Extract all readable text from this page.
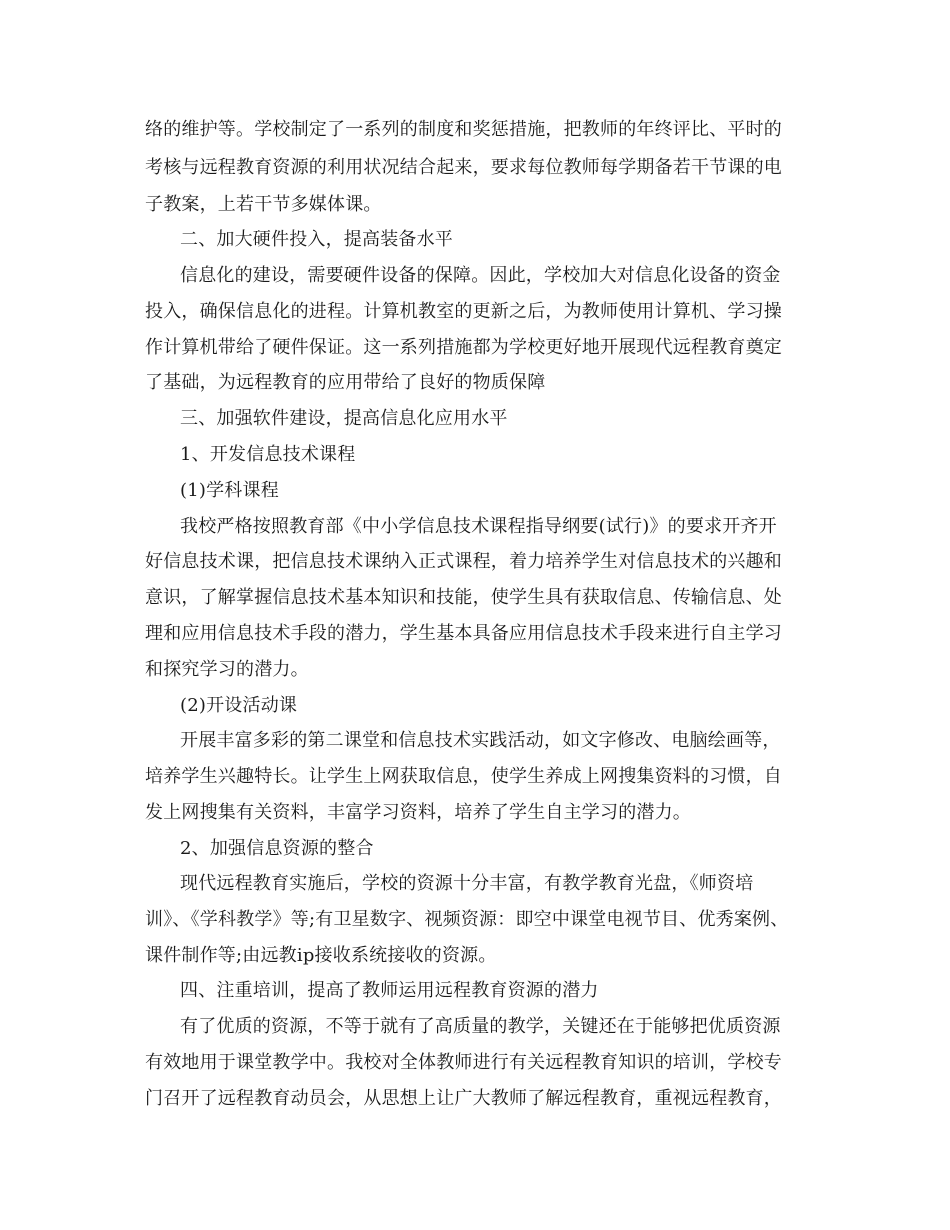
络的维护等。学校制定了一系列的制度和奖惩措施，把教师的年终评比、平时的
考核与远程教育资源的利用状况结合起来，要求每位教师每学期备若干节课的电
子教案，上若干节多媒体课。
二、加大硬件投入，提高装备水平
信息化的建设，需要硬件设备的保障。因此，学校加大对信息化设备的资金
投入，确保信息化的进程。计算机教室的更新之后，为教师使用计算机、学习操
作计算机带给了硬件保证。这一系列措施都为学校更好地开展现代远程教育奠定
了基础，为远程教育的应用带给了良好的物质保障
三、加强软件建设，提高信息化应用水平
1、开发信息技术课程
(1)学科课程
我校严格按照教育部《中小学信息技术课程指导纲要(试行)》的要求开齐开
好信息技术课，把信息技术课纳入正式课程，着力培养学生对信息技术的兴趣和
意识，了解掌握信息技术基本知识和技能，使学生具有获取信息、传输信息、处
理和应用信息技术手段的潜力，学生基本具备应用信息技术手段来进行自主学习
和探究学习的潜力。
(2)开设活动课
开展丰富多彩的第二课堂和信息技术实践活动，如文字修改、电脑绘画等，
培养学生兴趣特长。让学生上网获取信息，使学生养成上网搜集资料的习惯，自
发上网搜集有关资料，丰富学习资料，培养了学生自主学习的潜力。
2、加强信息资源的整合
现代远程教育实施后，学校的资源十分丰富，有教学教育光盘，《师资培
训》、《学科教学》等;有卫星数字、视频资源：即空中课堂电视节目、优秀案例、
课件制作等;由远教ip接收系统接收的资源。
四、注重培训，提高了教师运用远程教育资源的潜力
有了优质的资源，不等于就有了高质量的教学，关键还在于能够把优质资源
有效地用于课堂教学中。我校对全体教师进行有关远程教育知识的培训，学校专
门召开了远程教育动员会，从思想上让广大教师了解远程教育，重视远程教育，
